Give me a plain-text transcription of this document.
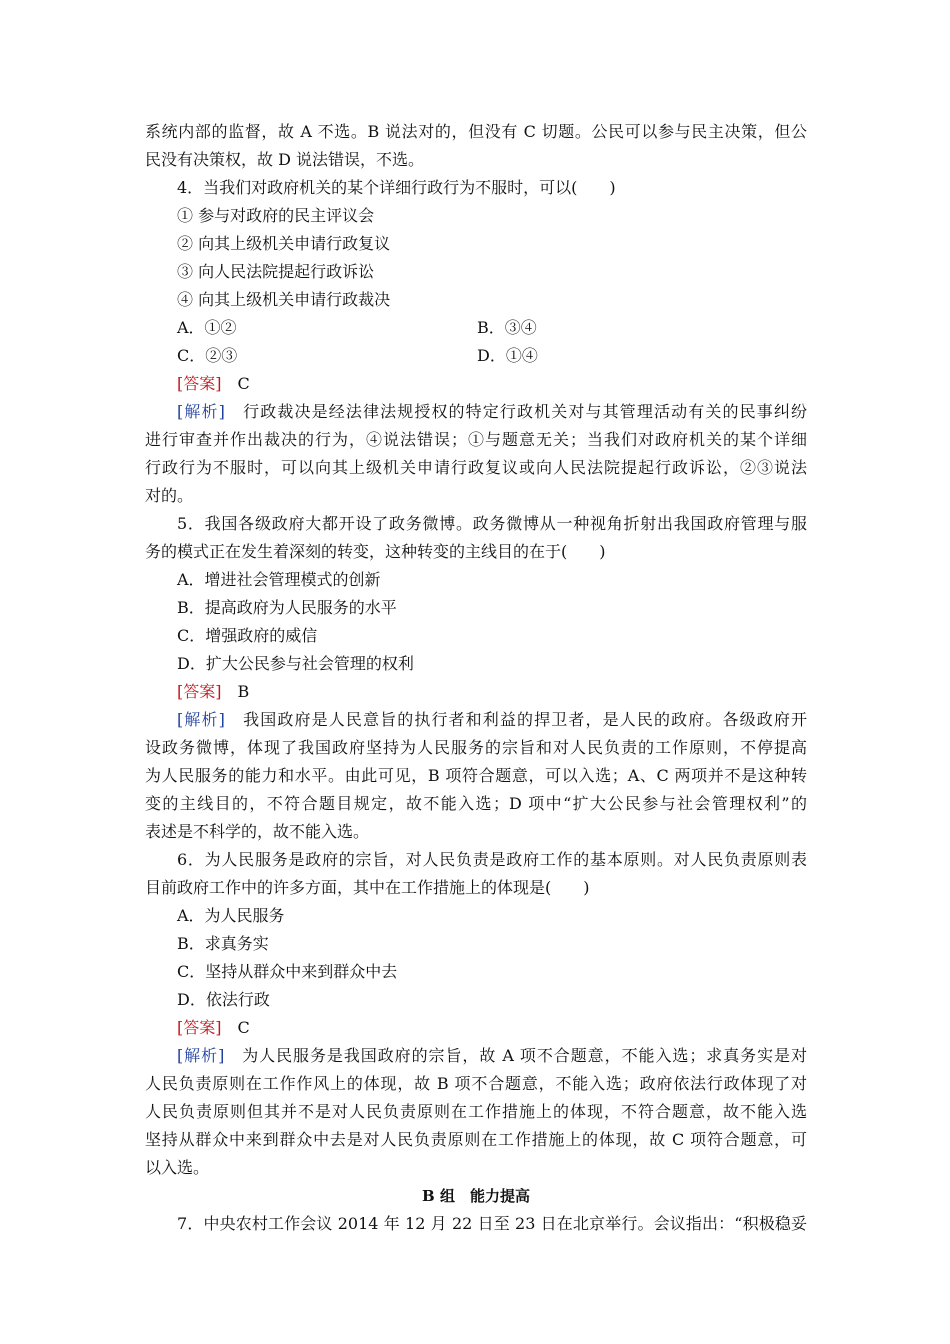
系统内部的监督，故 A 不选。B 说法对的，但没有 C 切题。公民可以参与民主决策，但公
民没有决策权，故 D 说法错误，不选。
4．当我们对政府机关的某个详细行政行为不服时，可以(　　)
① 参与对政府的民主评议会
② 向其上级机关申请行政复议
③ 向人民法院提起行政诉讼
④ 向其上级机关申请行政裁决
A．①②	B．③④
C．②③	D．①④
[答案]　 C
[解析]　 行政裁决是经法律法规授权的特定行政机关对与其管理活动有关的民事纠纷
进行审查并作出裁决的行为，④说法错误；①与题意无关；当我们对政府机关的某个详细
行政行为不服时，可以向其上级机关申请行政复议或向人民法院提起行政诉讼，②③说法
对的。
5．我国各级政府大都开设了政务微博。政务微博从一种视角折射出我国政府管理与服
务的模式正在发生着深刻的转变，这种转变的主线目的在于(　　)
A．增进社会管理模式的创新
B．提高政府为人民服务的水平
C．增强政府的威信
D．扩大公民参与社会管理的权利
[答案]　 B
[解析]　 我国政府是人民意旨的执行者和利益的捍卫者，是人民的政府。各级政府开
设政务微博，体现了我国政府坚持为人民服务的宗旨和对人民负责的工作原则，不停提高
为人民服务的能力和水平。由此可见，B 项符合题意，可以入选；A、C 两项并不是这种转
变的主线目的，不符合题目规定，故不能入选；D 项中“扩大公民参与社会管理权利”的
表述是不科学的，故不能入选。
6．为人民服务是政府的宗旨，对人民负责是政府工作的基本原则。对人民负责原则表
目前政府工作中的许多方面，其中在工作措施上的体现是(　　)
A．为人民服务
B．求真务实
C．坚持从群众中来到群众中去
D．依法行政
[答案]　 C
[解析]　 为人民服务是我国政府的宗旨，故 A 项不合题意，不能入选；求真务实是对
人民负责原则在工作作风上的体现，故 B 项不合题意，不能入选；政府依法行政体现了对
人民负责原则但其并不是对人民负责原则在工作措施上的体现，不符合题意，故不能入选
坚持从群众中来到群众中去是对人民负责原则在工作措施上的体现，故 C 项符合题意，可
以入选。
B 组　能力提高
7．中央农村工作会议 2014 年 12 月 22 日至 23 日在北京举行。会议指出：“积极稳妥
